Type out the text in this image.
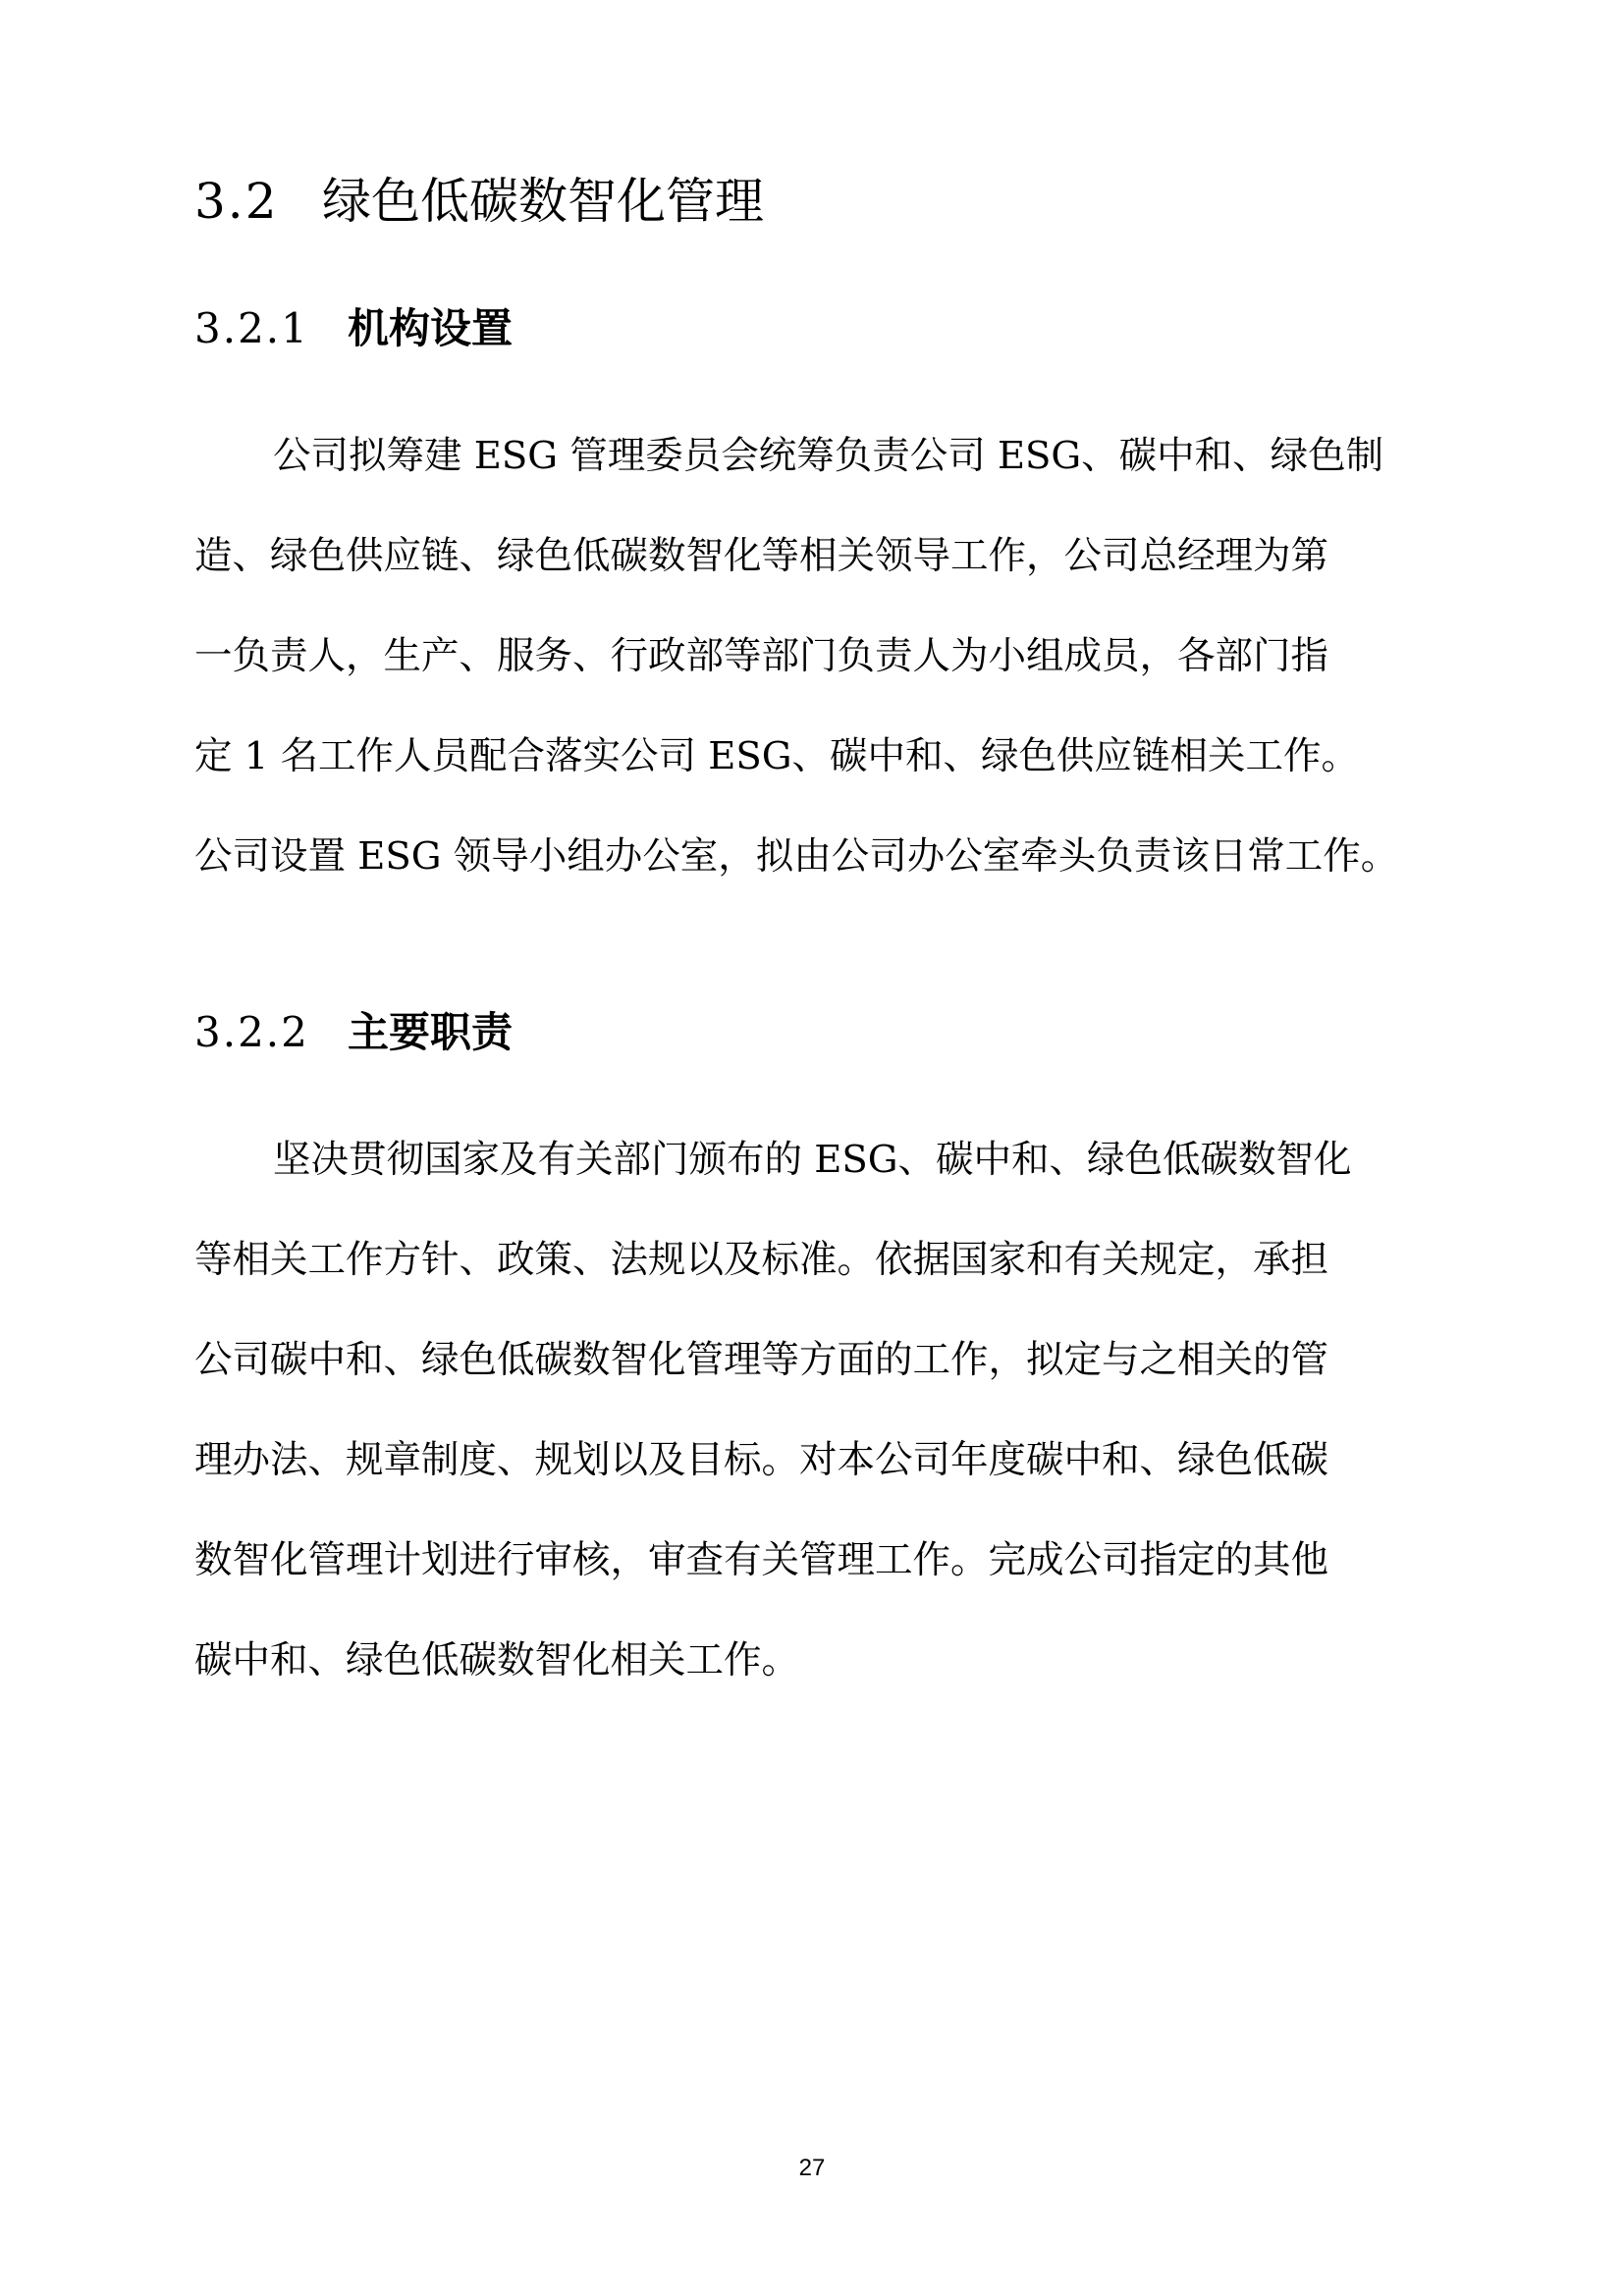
3.2 绿色低碳数智化管理
3.2.1 机构设置
公司拟筹建 ESG 管理委员会统筹负责公司 ESG、碳中和、绿色制
造、绿色供应链、绿色低碳数智化等相关领导工作，公司总经理为第
一负责人，生产、服务、行政部等部门负责人为小组成员，各部门指
定 1 名工作人员配合落实公司 ESG、碳中和、绿色供应链相关工作。
公司设置 ESG 领导小组办公室，拟由公司办公室牵头负责该日常工作。
3.2.2 主要职责
坚决贯彻国家及有关部门颁布的 ESG、碳中和、绿色低碳数智化
等相关工作方针、政策、法规以及标准。依据国家和有关规定，承担
公司碳中和、绿色低碳数智化管理等方面的工作，拟定与之相关的管
理办法、规章制度、规划以及目标。对本公司年度碳中和、绿色低碳
数智化管理计划进行审核，审查有关管理工作。完成公司指定的其他
碳中和、绿色低碳数智化相关工作。
27
